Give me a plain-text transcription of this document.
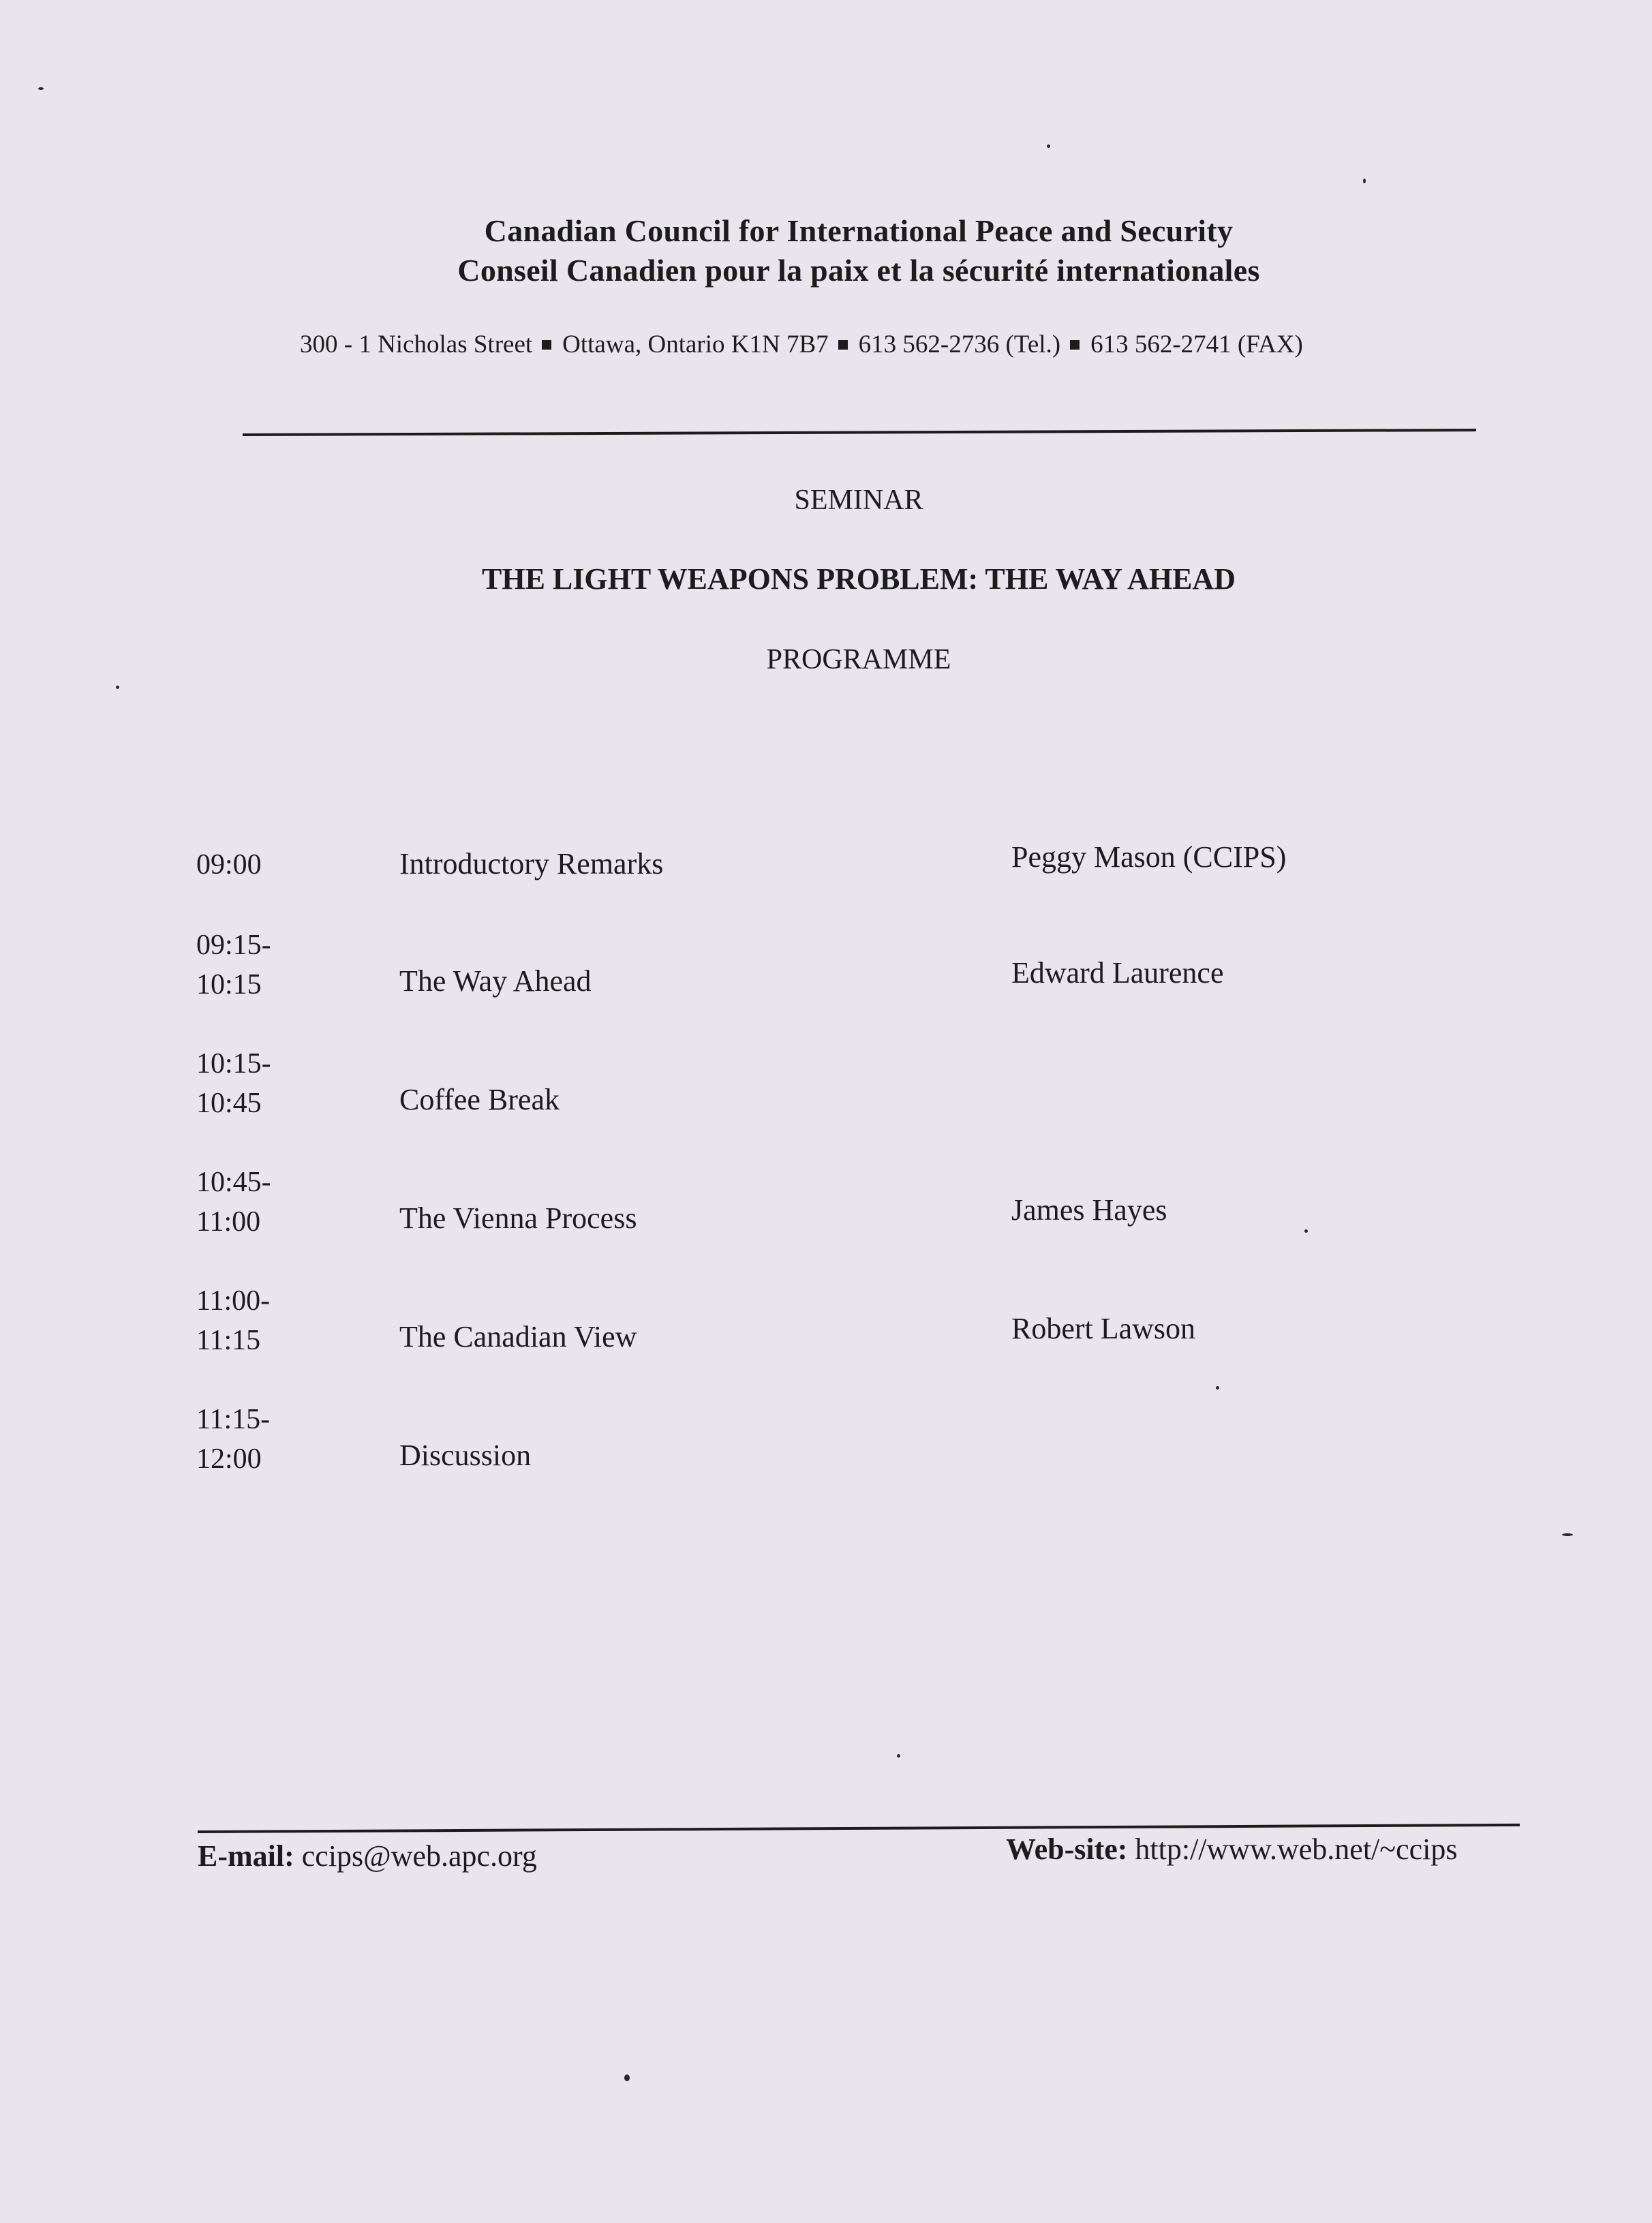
Canadian Council for International Peace and Security
Conseil Canadien pour la paix et la sécurité internationales
300 - 1 Nicholas Street Ottawa, Ontario K1N 7B7 613 562-2736 (Tel.) 613 562-2741 (FAX)
SEMINAR
THE LIGHT WEAPONS PROBLEM: THE WAY AHEAD
PROGRAMME
09:00	Introductory Remarks	Peggy Mason (CCIPS)
09:15-
10:15	The Way Ahead	Edward Laurence
10:15-
10:45	Coffee Break
10:45-
11:00	The Vienna Process	James Hayes
11:00-
11:15	The Canadian View	Robert Lawson
11:15-
12:00	Discussion
E-mail: ccips@web.apc.org	Web-site: http://www.web.net/~ccips
